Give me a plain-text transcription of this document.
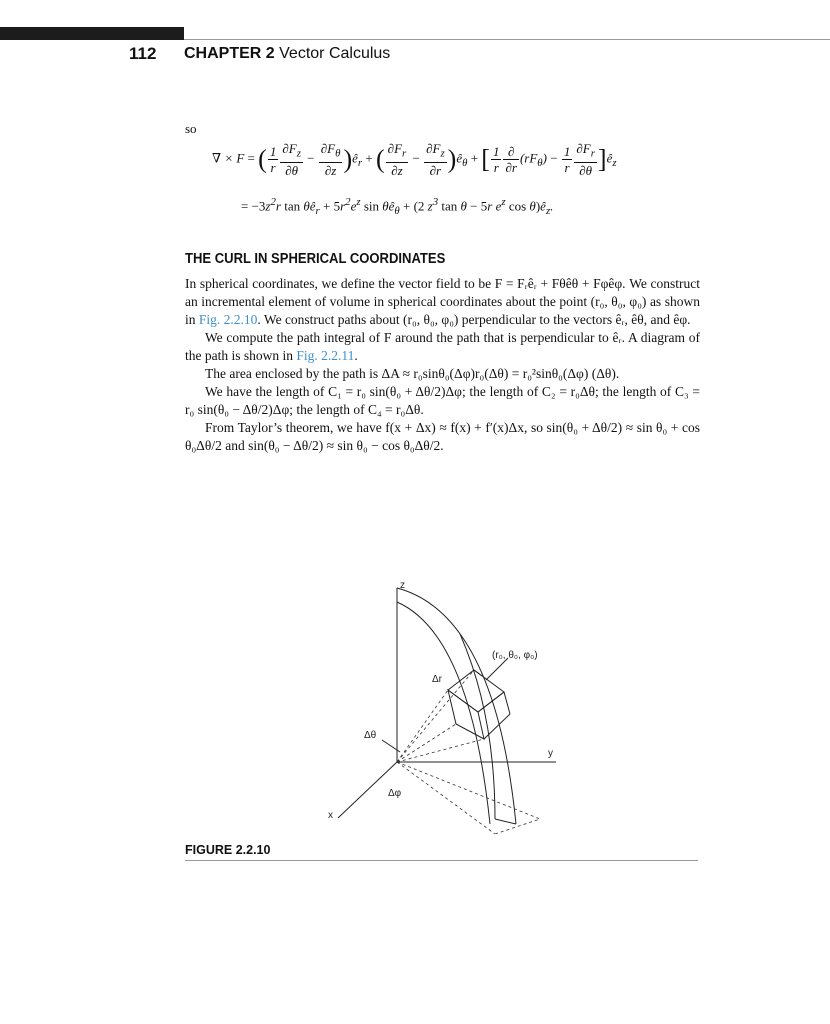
112 CHAPTER 2 Vector Calculus
so
∇ × F = ( $\frac{1}{r} \frac{\partial F_z}{\partial\theta} - \frac{\partial F_\theta}{\partial z}$ )$ê_r$ + ( $\frac{\partial F_r}{\partial z} - \frac{\partial F_z}{\partial r}$ )$ê_\theta$ + [ $\frac{1}{r} \frac{\partial}{\partial r} (rF_\theta) - \frac{1}{r} \frac{\partial F_r}{\partial\theta}$ ]$ê_z$
= $-3z^2r$ $\tan \theta ê_r + 5r^2e^z$ $\sin \theta ê_\theta + (2$ $z^3$ tan θ − 5r $e^z$ $\cos \theta)ê_z$.
THE CURL IN SPHERICAL COORDINATES

In spherical coordinates, we define the vector field to be F = Fᵣêᵣ + Fθêθ + Fφêφ. We construct an incremental element of volume in spherical coordinates about the point (r₀, θ₀, φ₀) as shown in Fig. 2.2.10. We construct paths about (r₀, θ₀, φ₀) perpendicular to the vectors êᵣ, êθ, and êφ.

We compute the path integral of F around the path that is perpendicular to êᵣ. A diagram of the path is shown in Fig. 2.2.11.

The area enclosed by the path is ΔA ≈ r₀sinθ₀(Δφ)r₀(Δθ) = r₀²sinθ₀(Δφ) (Δθ).

We have the length of C₁ = r₀ sin(θ₀ + Δθ/2)Δφ; the length of C₂ = r₀Δθ; the length of C₃ = r₀ sin(θ₀ − Δθ/2)Δφ; the length of C₄ = r₀Δθ.

From Taylor’s theorem, we have f(x + Δx) ≈ f(x) + f′(x)Δx, so sin(θ₀ + Δθ/2) ≈ sin θ₀ + cos θ₀Δθ/2 and sin(θ₀ − Δθ/2) ≈ sin θ₀ − cos θ₀Δθ/2.

z
y
x
(r₀, θ₀, φ₀)
Δr
Δθ
Δφ
FIGURE 2.2.10
